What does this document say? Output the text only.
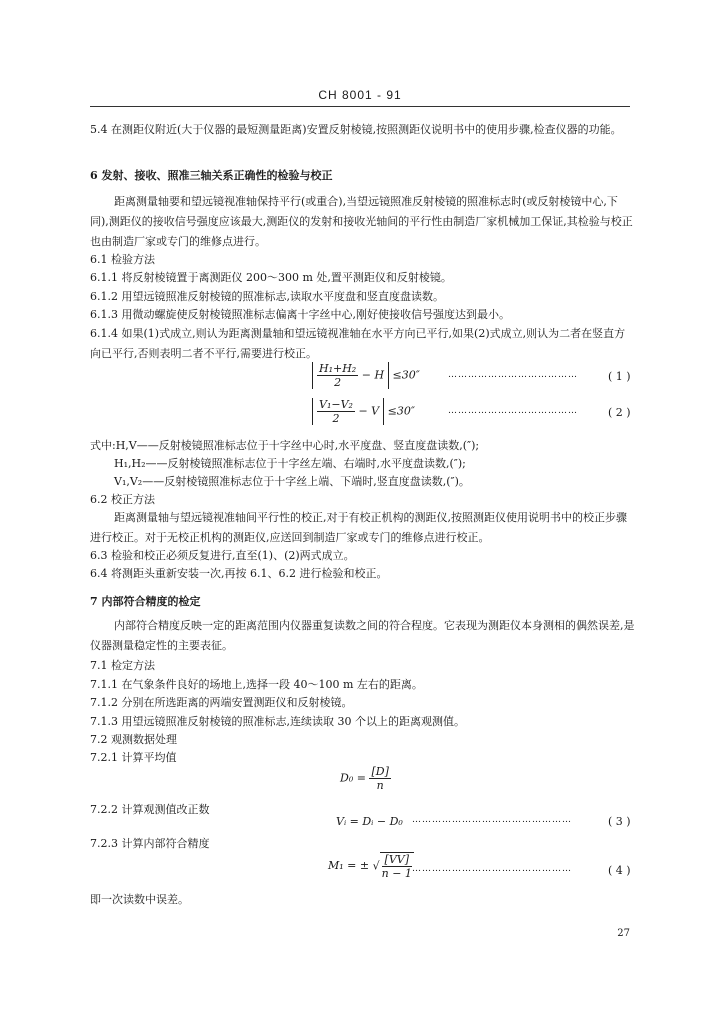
CH 8001 - 91
5.4 在测距仪附近(大于仪器的最短测量距离)安置反射棱镜,按照测距仪说明书中的使用步骤,检查仪器的功能。
6 发射、接收、照准三轴关系正确性的检验与校正
距离测量轴要和望远镜视准轴保持平行(或重合),当望远镜照准反射棱镜的照准标志时(或反射棱镜中心,下同),测距仪的接收信号强度应该最大,测距仪的发射和接收光轴间的平行性由制造厂家机械加工保证,其检验与校正也由制造厂家或专门的维修点进行。
6.1 检验方法
6.1.1 将反射棱镜置于离测距仪 200～300 m 处,置平测距仪和反射棱镜。
6.1.2 用望远镜照准反射棱镜的照准标志,读取水平度盘和竖直度盘读数。
6.1.3 用微动螺旋使反射棱镜照准标志偏离十字丝中心,刚好使接收信号强度达到最小。
6.1.4 如果(1)式成立,则认为距离测量轴和望远镜视准轴在水平方向已平行,如果(2)式成立,则认为二者在竖直方向已平行,否则表明二者不平行,需要进行校正。
$\frac{\text{H₁+H₂}}{2} - H \le 30''$	…………………………………	( 1 )
$\frac{\text{V₁−V₂}}{2} - V \le 30''$	…………………………………	( 2 )
式中:H,V——反射棱镜照准标志位于十字丝中心时,水平度盘、竖直度盘读数,(″);
H₁,H₂——反射棱镜照准标志位于十字丝左端、右端时,水平度盘读数,(″);
V₁,V₂——反射棱镜照准标志位于十字丝上端、下端时,竖直度盘读数,(″)。
6.2 校正方法
距离测量轴与望远镜视准轴间平行性的校正,对于有校正机构的测距仪,按照测距仪使用说明书中的校正步骤进行校正。对于无校正机构的测距仪,应送回到制造厂家或专门的维修点进行校正。
6.3 检验和校正必须反复进行,直至(1)、(2)两式成立。
6.4 将测距头重新安装一次,再按 6.1、6.2 进行检验和校正。
7 内部符合精度的检定
内部符合精度反映一定的距离范围内仪器重复读数之间的符合程度。它表现为测距仪本身测相的偶然误差,是仪器测量稳定性的主要表征。
7.1 检定方法
7.1.1 在气象条件良好的场地上,选择一段 40～100 m 左右的距离。
7.1.2 分别在所选距离的两端安置测距仪和反射棱镜。
7.1.3 用望远镜照准反射棱镜的照准标志,连续读取 30 个以上的距离观测值。
7.2 观测数据处理
7.2.1 计算平均值
$D_0 = \frac{[D]}{n}$
7.2.2 计算观测值改正数
Vᵢ = Dᵢ − D₀ …………………………………………	( 3 )
7.2.3 计算内部符合精度
M₁ = ± √ $\frac{[VV]}{n - 1}$ …………………………………………	( 4 )
即一次读数中误差。
27
